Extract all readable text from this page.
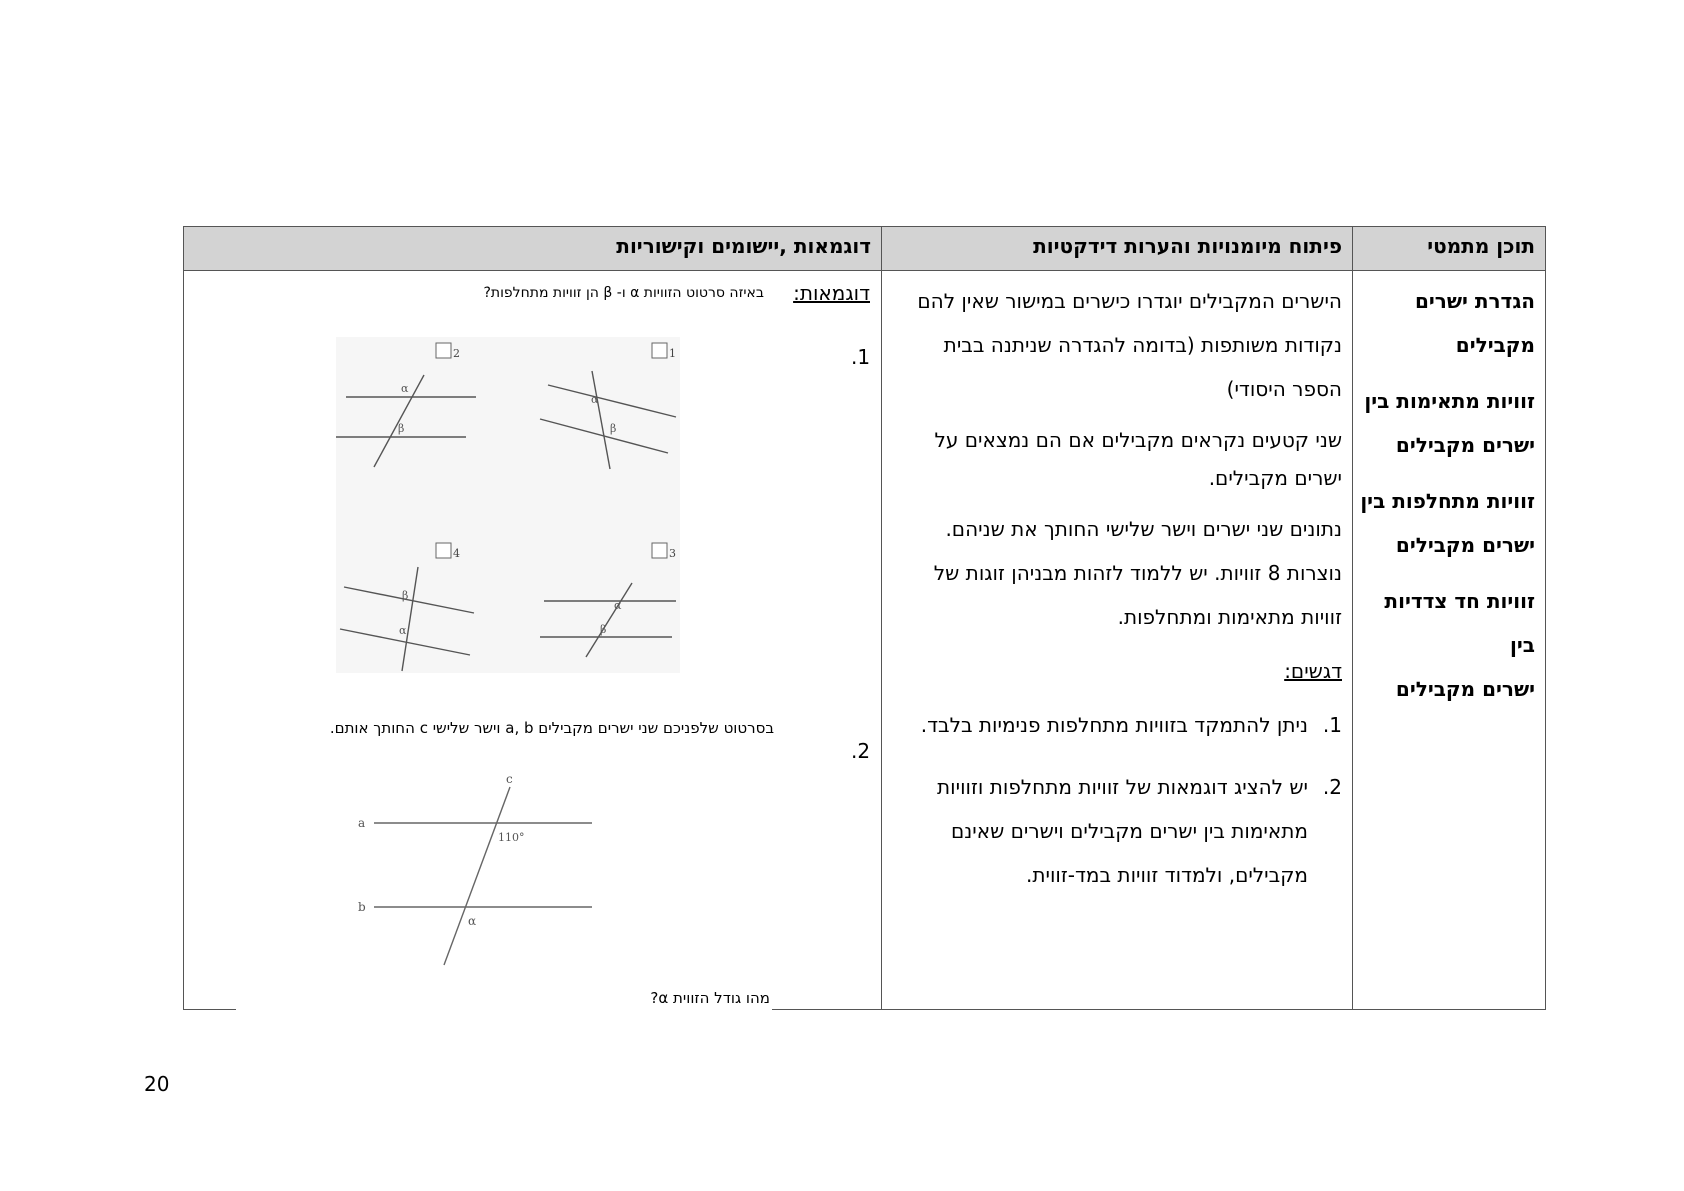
דוגמאות ,יישומים וקישוריות	פיתוח מיומנויות והערות דידקטיות	תוכן מתמטי
הגדרת ישרים
מקבילים
זוויות מתאימות בין
ישרים מקבילים
זוויות מתחלפות בין
ישרים מקבילים
זוויות חד צדדיות בין
ישרים מקבילים
הישרים המקבילים יוגדרו כישרים במישור שאין להם
נקודות משותפות (בדומה להגדרה שניתנה בבית
הספר היסודי)
שני קטעים נקראים מקבילים אם הם נמצאים על
ישרים מקבילים.
נתונים שני ישרים וישר שלישי החותך את שניהם.
נוצרות 8 זוויות. יש ללמוד לזהות מבניהן זוגות של
זוויות מתאימות ומתחלפות.
דגשים:
1.
ניתן להתמקד בזוויות מתחלפות פנימיות בלבד.
2.
יש להציג דוגמאות של זוויות מתחלפות וזוויות
מתאימות בין ישרים מקבילים וישרים שאינם
מקבילים, ולמדוד זוויות במד-זווית.
דוגמאות:
.1
.2
באיזה סרטוט הזוויות α ו- β הן זוויות מתחלפות?
1
α
β
2
α
β
3
α
β
4
β
α
בסרטוט שלפניכם שני ישרים מקבילים a, b וישר שלישי c החותך אותם.
a
b
c
110°
α
מהו גודל הזווית α?
20
